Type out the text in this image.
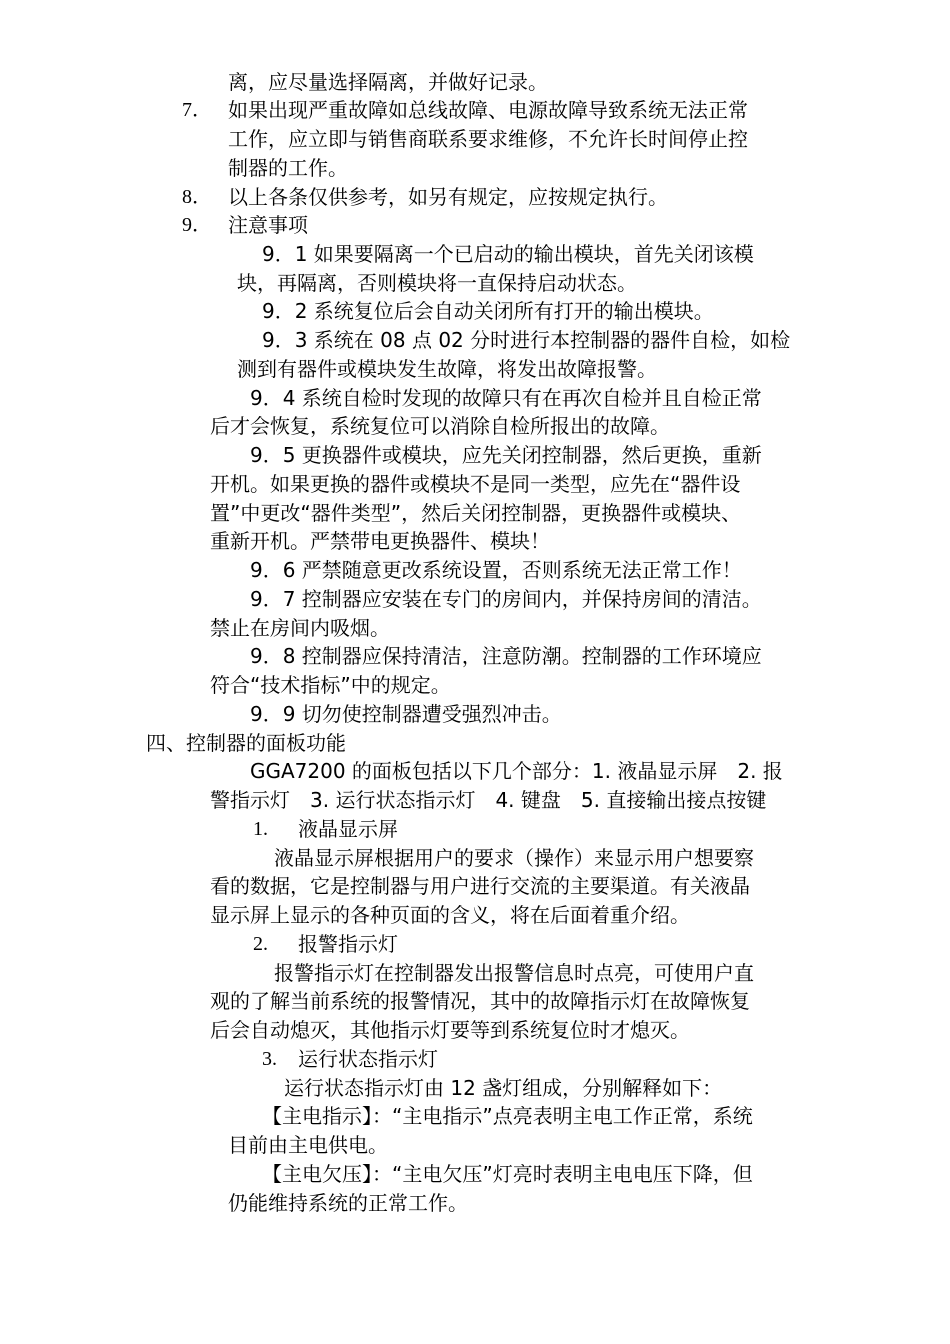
离，应尽量选择隔离，并做好记录。
7． 如果出现严重故障如总线故障、电源故障导致系统无法正常
工作，应立即与销售商联系要求维修，不允许长时间停止控
制器的工作。
8． 以上各条仅供参考，如另有规定，应按规定执行。
9． 注意事项
9．1 如果要隔离一个已启动的输出模块，首先关闭该模
块，再隔离，否则模块将一直保持启动状态。
9．2 系统复位后会自动关闭所有打开的输出模块。
9．3 系统在 08 点 02 分时进行本控制器的器件自检，如检
测到有器件或模块发生故障，将发出故障报警。
9．4 系统自检时发现的故障只有在再次自检并且自检正常
后才会恢复，系统复位可以消除自检所报出的故障。
9．5 更换器件或模块，应先关闭控制器，然后更换，重新
开机。如果更换的器件或模块不是同一类型，应先在“器件设
置”中更改“器件类型”，然后关闭控制器，更换器件或模块、
重新开机。严禁带电更换器件、模块！
9．6 严禁随意更改系统设置，否则系统无法正常工作！
9．7 控制器应安装在专门的房间内，并保持房间的清洁。
禁止在房间内吸烟。
9．8 控制器应保持清洁，注意防潮。控制器的工作环境应
符合“技术指标”中的规定。
9．9 切勿使控制器遭受强烈冲击。
四、控制器的面板功能
GGA7200 的面板包括以下几个部分：1. 液晶显示屏　2. 报
警指示灯　3. 运行状态指示灯　4. 键盘　5. 直接输出接点按键
1. 液晶显示屏
液晶显示屏根据用户的要求（操作）来显示用户想要察
看的数据，它是控制器与用户进行交流的主要渠道。有关液晶
显示屏上显示的各种页面的含义，将在后面着重介绍。
2. 报警指示灯
报警指示灯在控制器发出报警信息时点亮，可使用户直
观的了解当前系统的报警情况，其中的故障指示灯在故障恢复
后会自动熄灭，其他指示灯要等到系统复位时才熄灭。
3. 运行状态指示灯
运行状态指示灯由 12 盏灯组成，分别解释如下：
【主电指示】：“主电指示”点亮表明主电工作正常，系统
目前由主电供电。
【主电欠压】：“主电欠压”灯亮时表明主电电压下降，但
仍能维持系统的正常工作。
